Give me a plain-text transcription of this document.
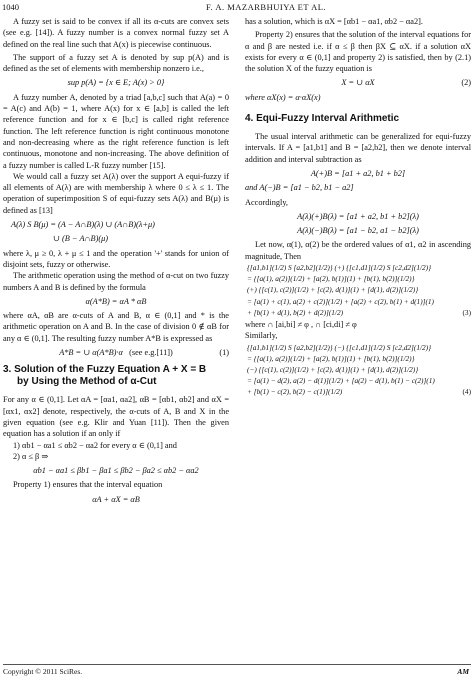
1040	F. A. MAZARBHUIYA ET AL.

A fuzzy set is said to be convex if all its α-cuts are convex sets (see e.g. [14]). A fuzzy number is a convex normal fuzzy set A defined on the real line such that A(x) is piecewise continuous.

The support of a fuzzy set A is denoted by sup p(A) and is defined as the set of elements with membership nonzero i.e.,

sup p(A) = {x ∈ E; A(x) > 0}

A fuzzy number A, denoted by a triad [a,b,c] such that A(a) = 0 = A(c) and A(b) = 1, where A(x) for x ∈ [a,b] is called the left reference function and for x ∈ [b,c] is called right reference function. The left reference function is right continuous monotone and non-decreasing where as the right reference function is left continuous, monotone and non-increasing. The above definition of a fuzzy number is called L-R fuzzy number [15].

We would call a fuzzy set A(λ) over the support A equi-fuzzy if all elements of A(λ) are with membership λ where 0 ≤ λ ≤ 1. The operation of superimposition S of equi-fuzzy sets A(λ) and B(μ) is defined as [13]

A(λ) S B(μ) = (A − A∩B)(λ) ∪ (A∩B)(λ+μ)
∪ (B − A∩B)(μ)

where λ, μ ≥ 0, λ + μ ≤ 1 and the operation '+' stands for union of disjoint sets, fuzzy or otherwise.

The arithmetic operation using the method of α-cut on two fuzzy numbers A and B is defined by the formula

α(A*B) = αA * αB

where αA, αB are α-cuts of A and B, α ∈ (0,1] and * is the arithmetic operation on A and B. In the case of division 0 ∉ αB for any α ∈ (0,1]. The resulting fuzzy number A*B is expressed as

A*B = ∪ α(A*B)·α (see e.g.[11])	(1)
3. Solution of the Fuzzy Equation A + X = B
by Using the Method of α-Cut

For any α ∈ (0,1]. Let αA = [αa1, αa2], αB = [αb1, αb2] and αX = [αx1, αx2] denote, respectively, the α-cuts of A, B and X in the given equation (see e.g. Klir and Yuan [11]). Then the given equation has a solution if an only if

1) αb1 − αa1 ≤ αb2 − αa2 for every α ∈ (0,1] and

2) α ≤ β ⇒

αb1 − αa1 ≤ βb1 − βa1 ≤ βb2 − βa2 ≤ αb2 − αa2

Property 1) ensures that the interval equation

αA + αX = αB

has a solution, which is αX = [αb1 − αa1, αb2 − αa2].

Property 2) ensures that the solution of the interval equations for α and β are nested i.e. if α ≤ β then βX ⊆ αX. if a solution αX exists for every α ∈ (0,1] and property 2) is satisfied, then by (2.1) the solution X of the fuzzy equation is

X = ∪ αX	(2)
where αX(x) = α·αX(x)
4. Equi-Fuzzy Interval Arithmetic

The usual interval arithmetic can be generalized for equi-fuzzy intervals. If A = [a1,b1] and B = [a2,b2], then we denote interval addition and interval subtraction as

A(+)B = [a1 + a2, b1 + b2]
and A(−)B = [a1 − b2, b1 − a2]

Accordingly,

A(λ)(+)B(λ) = [a1 + a2, b1 + b2](λ)
A(λ)(−)B(λ) = [a1 − b2, a1 − b2](λ)

Let now, α(1), α(2) be the ordered values of α1, α2 in ascending magnitude, Then

{[a1,b1](1/2) S [a2,b2](1/2)} (+) {[c1,d1](1/2) S [c2,d2](1/2)}
= {[a(1), a(2)](1/2) + [a(2), b(1)](1) + [b(1), b(2)](1/2)}
(+) {[c(1), c(2)](1/2) + [c(2), d(1)](1) + [d(1), d(2)](1/2)}
= [a(1) + c(1), a(2) + c(2)](1/2) + [a(2) + c(2), b(1) + d(1)](1)
+ [b(1) + d(1), b(2) + d(2)](1/2)	(3)

where ∩ [ai,bi] ≠ φ , ∩ [ci,di] ≠ φ

Similarly,

{[a1,b1](1/2) S [a2,b2](1/2)} (−) {[c1,d1](1/2) S [c2,d2](1/2)}
= {[a(1), a(2)](1/2) + [a(2), b(1)](1) + [b(1), b(2)](1/2)}
(−) {[c(1), c(2)](1/2) + [c(2), d(1)](1) + [d(1), d(2)](1/2)}
= [a(1) − d(2), a(2) − d(1)](1/2) + [a(2) − d(1), b(1) − c(2)](1)
+ [b(1) − c(2), b(2) − c(1)](1/2)	(4)
Copyright © 2011 SciRes.	AM
